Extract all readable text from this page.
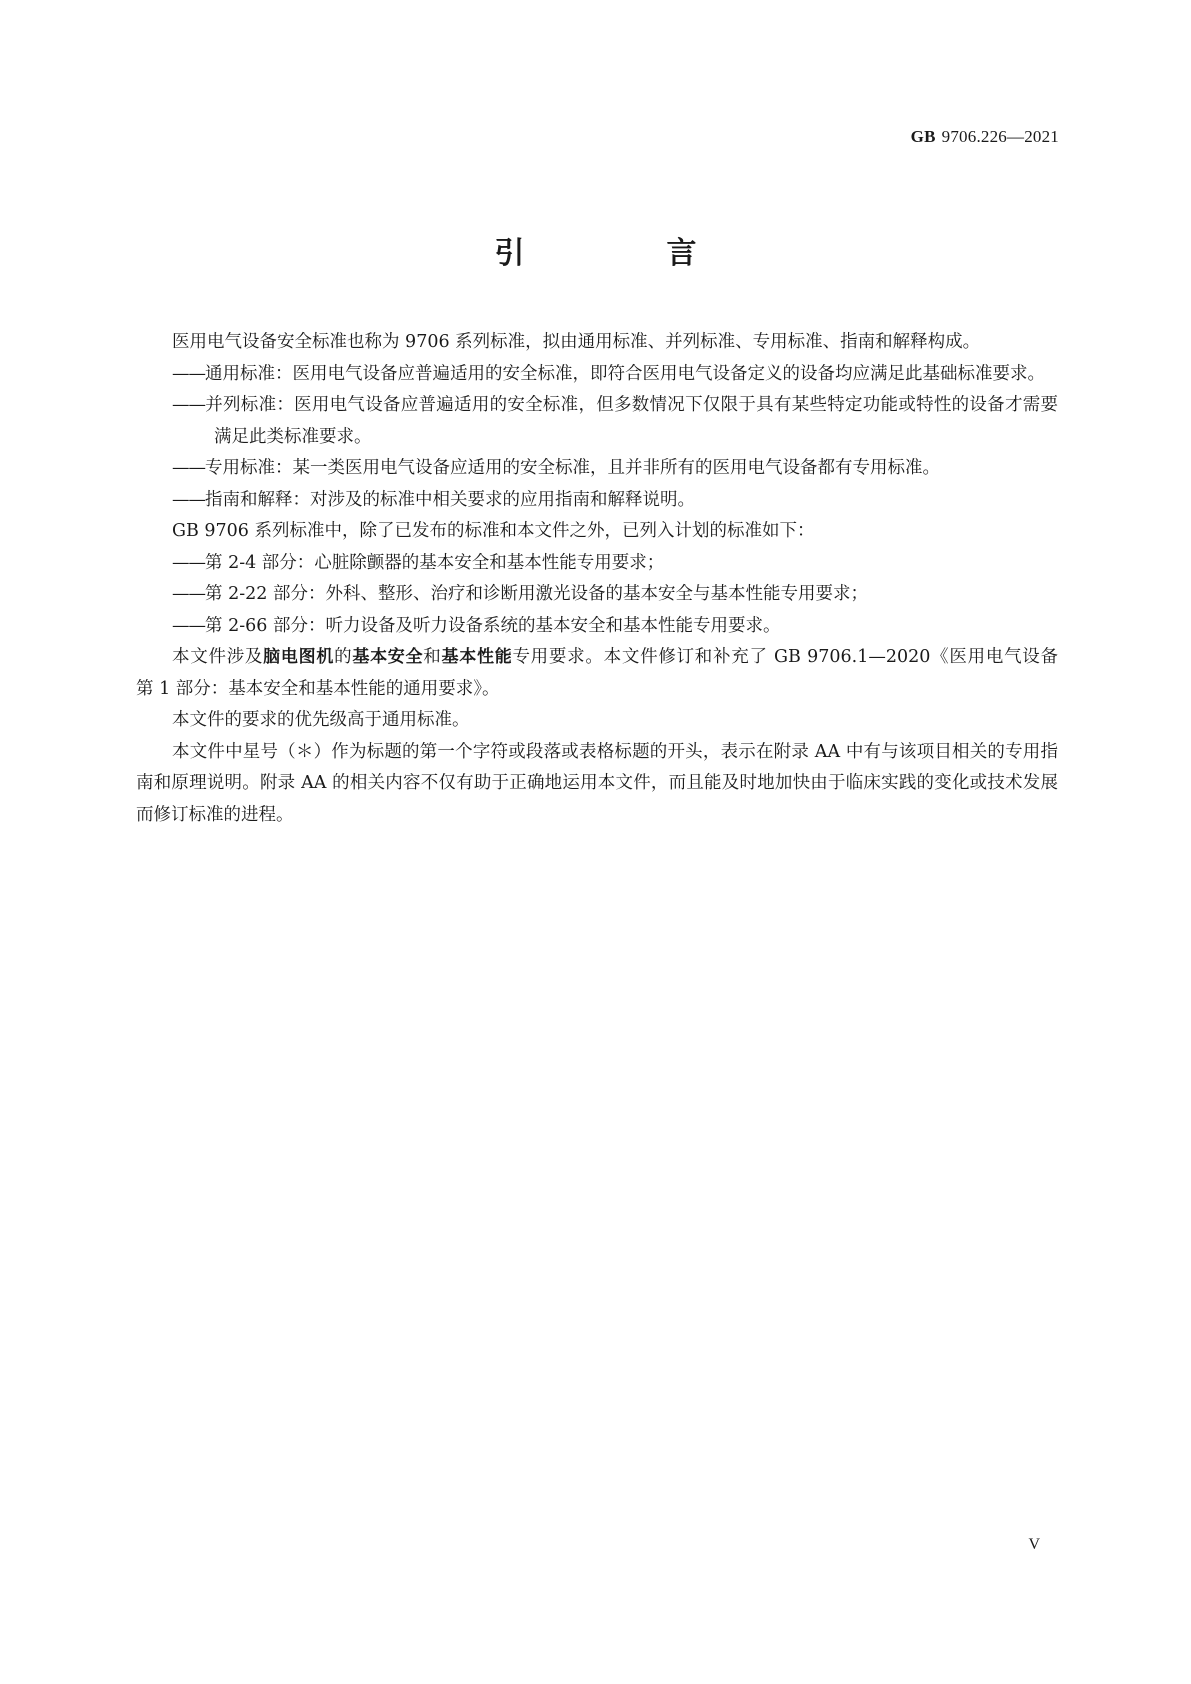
GB 9706.226—2021
引　言

医用电气设备安全标准也称为 9706 系列标准，拟由通用标准、并列标准、专用标准、指南和解释构成。

——通用标准：医用电气设备应普遍适用的安全标准，即符合医用电气设备定义的设备均应满足此基础标准要求。

——并列标准：医用电气设备应普遍适用的安全标准，但多数情况下仅限于具有某些特定功能或特性的设备才需要满足此类标准要求。

——专用标准：某一类医用电气设备应适用的安全标准，且并非所有的医用电气设备都有专用标准。

——指南和解释：对涉及的标准中相关要求的应用指南和解释说明。

GB 9706 系列标准中，除了已发布的标准和本文件之外，已列入计划的标准如下：

——第 2-4 部分：心脏除颤器的基本安全和基本性能专用要求；

——第 2-22 部分：外科、整形、治疗和诊断用激光设备的基本安全与基本性能专用要求；

——第 2-66 部分：听力设备及听力设备系统的基本安全和基本性能专用要求。

本文件涉及脑电图机的基本安全和基本性能专用要求。本文件修订和补充了 GB 9706.1—2020《医用电气设备　第 1 部分：基本安全和基本性能的通用要求》。

本文件的要求的优先级高于通用标准。

本文件中星号（＊）作为标题的第一个字符或段落或表格标题的开头，表示在附录 AA 中有与该项目相关的专用指南和原理说明。附录 AA 的相关内容不仅有助于正确地运用本文件，而且能及时地加快由于临床实践的变化或技术发展而修订标准的进程。

V
